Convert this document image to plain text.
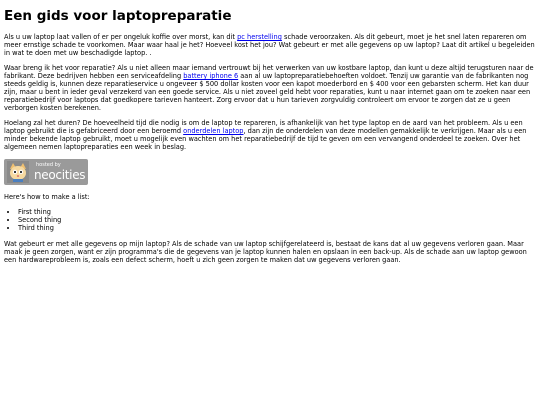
Een gids voor laptopreparatie

Als u uw laptop laat vallen of er per ongeluk koffie over morst, kan dit pc herstelling schade veroorzaken. Als dit gebeurt, moet je het snel laten repareren om meer ernstige schade te voorkomen. Maar waar haal je het? Hoeveel kost het jou? Wat gebeurt er met alle gegevens op uw laptop? Laat dit artikel u begeleiden in wat te doen met uw beschadigde laptop. .

Waar breng ik het voor reparatie? Als u niet alleen maar iemand vertrouwt bij het verwerken van uw kostbare laptop, dan kunt u deze altijd terugsturen naar de fabrikant. Deze bedrijven hebben een serviceafdeling battery iphone 6 aan al uw laptopreparatiebehoeften voldoet. Tenzij uw garantie van de fabrikanten nog steeds geldig is, kunnen deze reparatieservice u ongeveer $ 500 dollar kosten voor een kapot moederbord en $ 400 voor een gebarsten scherm. Het kan duur zijn, maar u bent in ieder geval verzekerd van een goede service. Als u niet zoveel geld hebt voor reparaties, kunt u naar internet gaan om te zoeken naar een reparatiebedrijf voor laptops dat goedkopere tarieven hanteert. Zorg ervoor dat u hun tarieven zorgvuldig controleert om ervoor te zorgen dat ze u geen verborgen kosten berekenen.

Hoelang zal het duren? De hoeveelheid tijd die nodig is om de laptop te repareren, is afhankelijk van het type laptop en de aard van het probleem. Als u een laptop gebruikt die is gefabriceerd door een beroemd onderdelen laptop, dan zijn de onderdelen van deze modellen gemakkelijk te verkrijgen. Maar als u een minder bekende laptop gebruikt, moet u mogelijk even wachten om het reparatiebedrijf de tijd te geven om een vervangend onderdeel te zoeken. Over het algemeen nemen laptopreparaties een week in beslag.

hosted by
neocities

Here's how to make a list:

• First thing
• Second thing
• Third thing

Wat gebeurt er met alle gegevens op mijn laptop? Als de schade van uw laptop schijfgerelateerd is, bestaat de kans dat al uw gegevens verloren gaan. Maar maak je geen zorgen, want er zijn programma's die de gegevens van je laptop kunnen halen en opslaan in een back-up. Als de schade aan uw laptop gewoon een hardwareprobleem is, zoals een defect scherm, hoeft u zich geen zorgen te maken dat uw gegevens verloren gaan.
